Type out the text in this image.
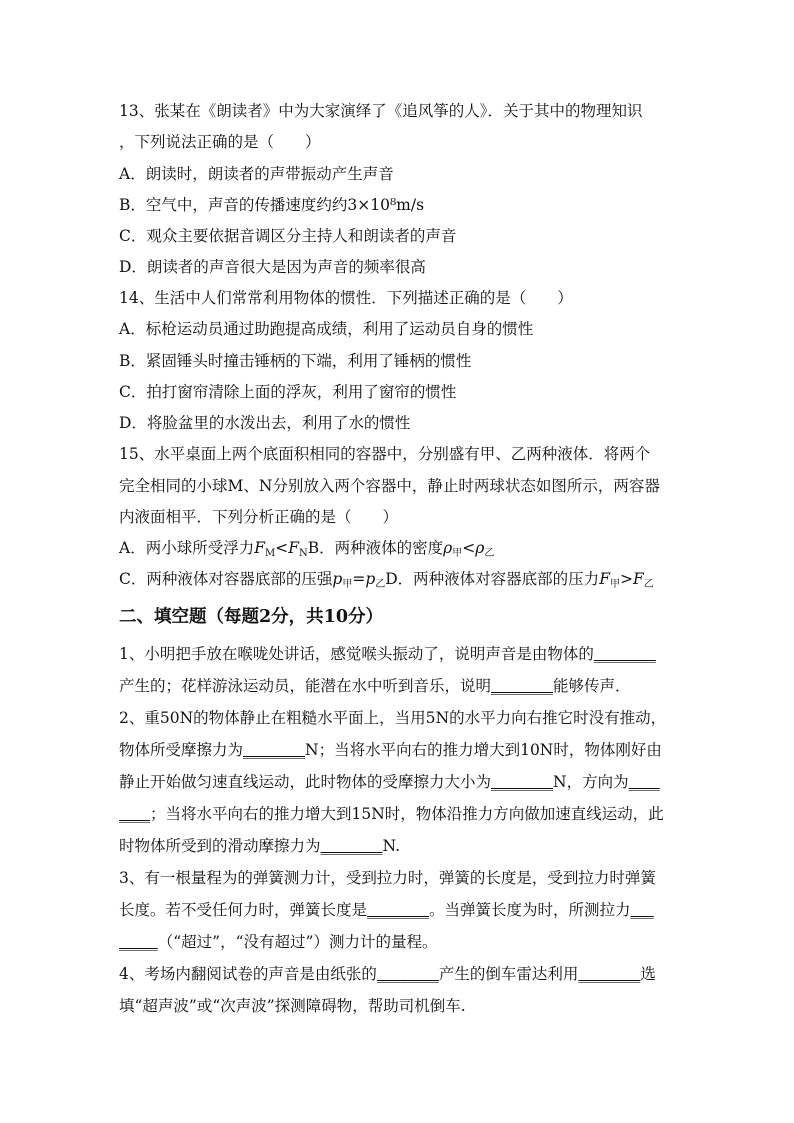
13、张某在《朗读者》中为大家演绎了《追风筝的人》．关于其中的物理知识
，下列说法正确的是（　　）
A．朗读时，朗读者的声带振动产生声音
B．空气中，声音的传播速度约约3×10⁸m/s
C．观众主要依据音调区分主持人和朗读者的声音
D．朗读者的声音很大是因为声音的频率很高
14、生活中人们常常利用物体的惯性．下列描述正确的是（　　）
A．标枪运动员通过助跑提高成绩，利用了运动员自身的惯性
B．紧固锤头时撞击锤柄的下端，利用了锤柄的惯性
C．拍打窗帘清除上面的浮灰，利用了窗帘的惯性
D．将脸盆里的水泼出去，利用了水的惯性
15、水平桌面上两个底面积相同的容器中，分别盛有甲、乙两种液体．将两个
完全相同的小球M、N分别放入两个容器中，静止时两球状态如图所示，两容器
内液面相平．下列分析正确的是（　　）
A．两小球所受浮力$F_M<F_NB$．两种液体的密度$\rho_甲<\rho_乙$
C．两种液体对容器底部的压强$p_甲=p_乙D$．两种液体对容器底部的压力$F_甲>F_乙$
二、填空题（每题2分，共10分）
1、小明把手放在喉咙处讲话，感觉喉头振动了，说明声音是由物体的________
产生的；花样游泳运动员，能潜在水中听到音乐，说明________能够传声．
2、重50N的物体静止在粗糙水平面上，当用5N的水平力向右推它时没有推动，
物体所受摩擦力为________N；当将水平向右的推力增大到10N时，物体刚好由
静止开始做匀速直线运动，此时物体的受摩擦力大小为________N，方向为____
____；当将水平向右的推力增大到15N时，物体沿推力方向做加速直线运动，此
时物体所受到的滑动摩擦力为________N.
3、有一根量程为的弹簧测力计，受到拉力时，弹簧的长度是，受到拉力时弹簧
长度。若不受任何力时，弹簧长度是________。当弹簧长度为时，所测拉力___
_____（“超过”，“没有超过”）测力计的量程。
4、考场内翻阅试卷的声音是由纸张的________产生的倒车雷达利用________选
填“超声波”或“次声波”探测障碍物，帮助司机倒车.
